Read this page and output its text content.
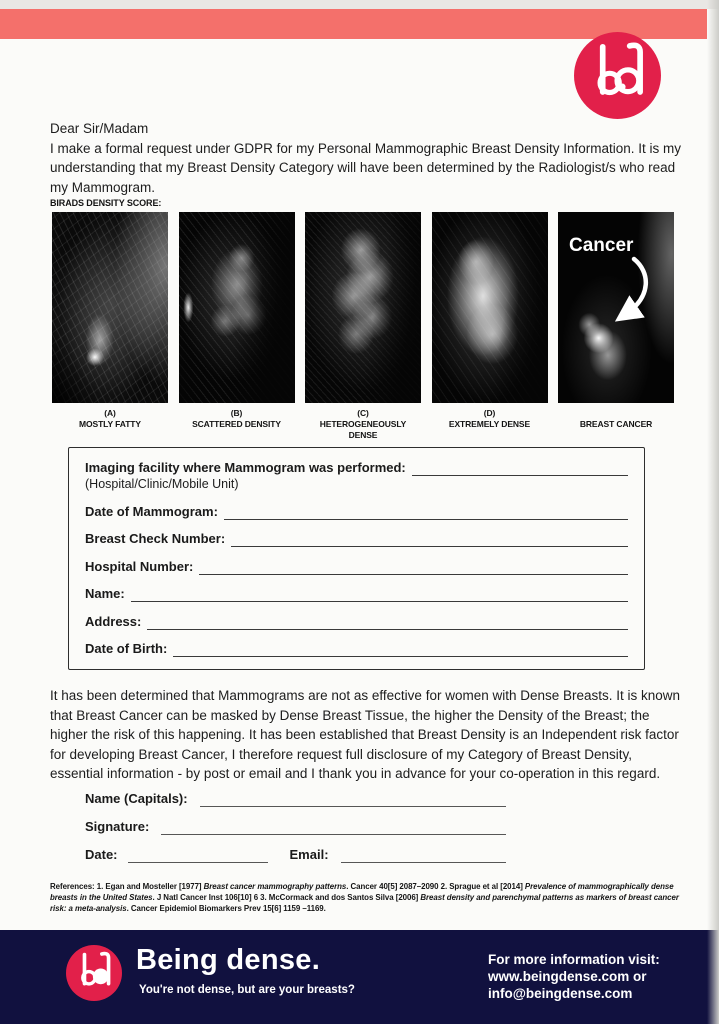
Dear Sir/Madam

I make a formal request under GDPR for my Personal Mammographic Breast Density Information. It is my understanding that my Breast Density Category will have been determined by the Radiologist/s who read my Mammogram.

BIRADS DENSITY SCORE:
(A)
MOSTLY FATTY
(B)
SCATTERED DENSITY
(C)
HETEROGENEOUSLY DENSE
(D)
EXTREMELY DENSE
Cancer
BREAST CANCER
Imaging facility where Mammogram was performed:
(Hospital/Clinic/Mobile Unit)
Date of Mammogram:
Breast Check Number:
Hospital Number:
Name:
Address:
Date of Birth:

It has been determined that Mammograms are not as effective for women with Dense Breasts. It is known that Breast Cancer can be masked by Dense Breast Tissue, the higher the Density of the Breast; the higher the risk of this happening. It has been established that Breast Density is an Independent risk factor for developing Breast Cancer, I therefore request full disclosure of my Category of Breast Density, essential information - by post or email and I thank you in advance for your co-operation in this regard.

Name (Capitals):
Signature:
Date:	Email:

References: 1. Egan and Mosteller [1977] Breast cancer mammography patterns. Cancer 40[5] 2087–2090 2. Sprague et al [2014] Prevalence of mammographically dense breasts in the United States. J Natl Cancer Inst 106[10] 6 3. McCormack and dos Santos Silva [2006] Breast density and parenchymal patterns as markers of breast cancer risk: a meta-analysis. Cancer Epidemiol Biomarkers Prev 15[6] 1159 –1169.

Being dense.
You're not dense, but are your breasts?
For more information visit:
www.beingdense.com or
info@beingdense.com
